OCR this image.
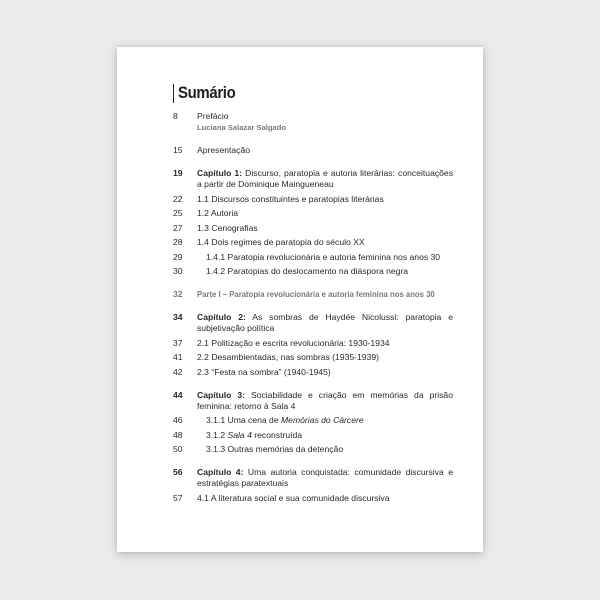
Sumário
8	Prefácio
Luciana Salazar Salgado
15	Apresentação
19	Capítulo 1: Discurso, paratopia e autoria literárias: conceituações a partir de Dominique Maingueneau
22	1.1 Discursos constituintes e paratopias literárias
25	1.2 Autoria
27	1.3 Cenografias
28	1.4 Dois regimes de paratopia do século XX
29	1.4.1 Paratopia revolucionária e autoria feminina nos anos 30
30	1.4.2 Paratopias do deslocamento na diáspora negra
32	Parte I – Paratopia revolucionária e autoria feminina nos anos 30
34	Capítulo 2: As sombras de Haydée Nicolussi: paratopia e subjetivação política
37	2.1 Politização e escrita revolucionária: 1930-1934
41	2.2 Desambientadas, nas sombras (1935-1939)
42	2.3 “Festa na sombra” (1940-1945)
44	Capítulo 3: Sociabilidade e criação em memórias da prisão feminina: retorno à Sala 4
46	3.1.1 Uma cena de Memórias do Cárcere
48	3.1.2 Sala 4 reconstruída
50	3.1.3 Outras memórias da detenção
56	Capítulo 4: Uma autoria conquistada: comunidade discursiva e estratégias paratextuais
57	4.1 A literatura social e sua comunidade discursiva
